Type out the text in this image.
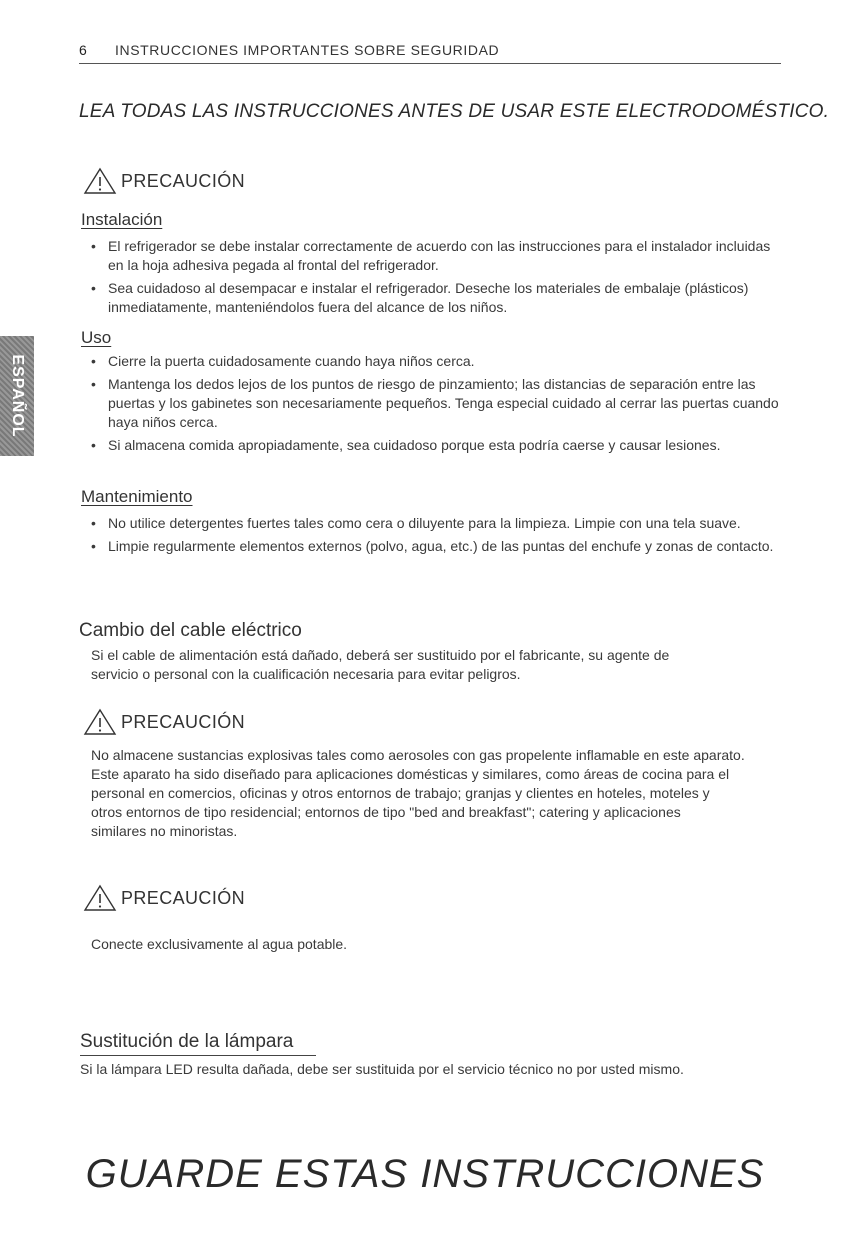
6 INSTRUCCIONES IMPORTANTES SOBRE SEGURIDAD
ESPAÑOL
LEA TODAS LAS INSTRUCCIONES ANTES DE USAR ESTE ELECTRODOMÉSTICO.
PRECAUCIÓN
Instalación
• El refrigerador se debe instalar correctamente de acuerdo con las instrucciones para el instalador incluidas en la hoja adhesiva pegada al frontal del refrigerador.
• Sea cuidadoso al desempacar e instalar el refrigerador. Deseche los materiales de embalaje (plásticos) inmediatamente, manteniéndolos fuera del alcance de los niños.
Uso
• Cierre la puerta cuidadosamente cuando haya niños cerca.
• Mantenga los dedos lejos de los puntos de riesgo de pinzamiento; las distancias de separación entre las puertas y los gabinetes son necesariamente pequeños. Tenga especial cuidado al cerrar las puertas cuando haya niños cerca.
• Si almacena comida apropiadamente, sea cuidadoso porque esta podría caerse y causar lesiones.
Mantenimiento
• No utilice detergentes fuertes tales como cera o diluyente para la limpieza. Limpie con una tela suave.
• Limpie regularmente elementos externos (polvo, agua, etc.) de las puntas del enchufe y zonas de contacto.
Cambio del cable eléctrico

Si el cable de alimentación está dañado, deberá ser sustituido por el fabricante, su agente de

servicio o personal con la cualificación necesaria para evitar peligros.

PRECAUCIÓN

No almacene sustancias explosivas tales como aerosoles con gas propelente inflamable en este aparato.

Este aparato ha sido diseñado para aplicaciones domésticas y similares, como áreas de cocina para el

personal en comercios, oficinas y otros entornos de trabajo; granjas y clientes en hoteles, moteles y

otros entornos de tipo residencial; entornos de tipo "bed and breakfast"; catering y aplicaciones

similares no minoristas.

PRECAUCIÓN
Conecte exclusivamente al agua potable.
Sustitución de la lámpara
Si la lámpara LED resulta dañada, debe ser sustituida por el servicio técnico no por usted mismo.
GUARDE ESTAS INSTRUCCIONES
